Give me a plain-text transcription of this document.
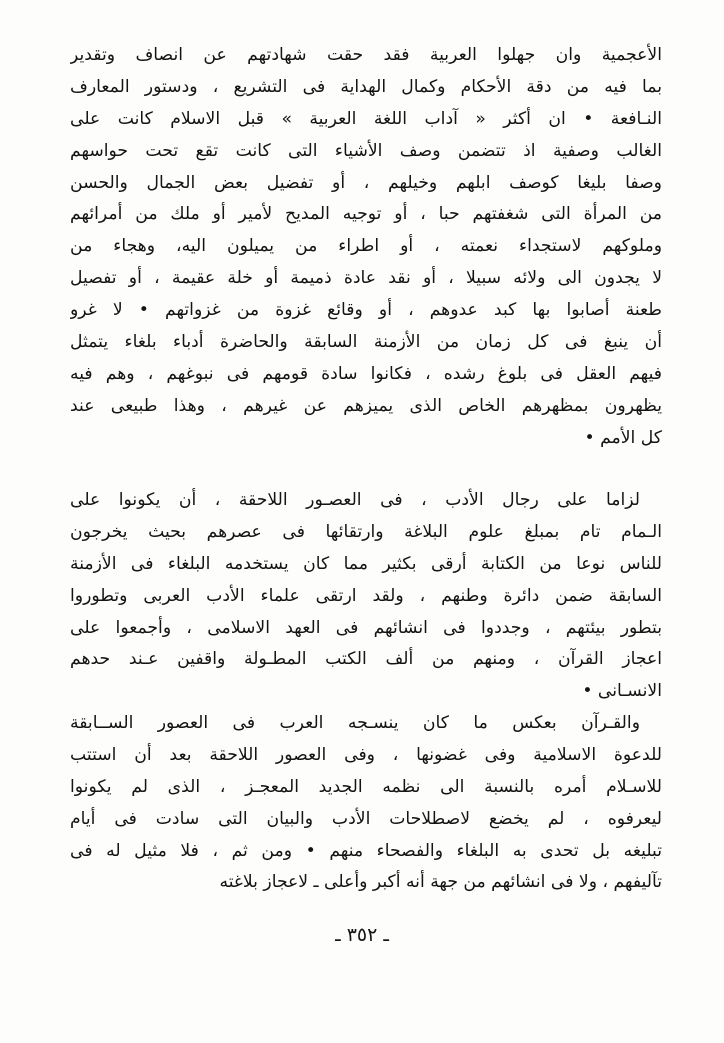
الأعجمية وان جهلوا العربية فقد حقت شهادتهم عن انصاف وتقدير
بما فيه من دقة الأحكام وكمال الهداية فى التشريع ، ودستور المعارف
النـافعة • ان أكثر « آداب اللغة العربية » قبل الاسلام كانت على
الغالب وصفية اذ تتضمن وصف الأشياء التى كانت تقع تحت حواسهم
وصفا بليغا كوصف ابلهم وخيلهم ، أو تفضيل بعض الجمال والحسن
من المرأة التى شغفتهم حبا ، أو توجيه المديح لأمير أو ملك من أمرائهم
وملوكهم لاستجداء نعمته ، أو اطراء من يميلون اليه، وهجاء من
لا يجدون الى ولائه سبيلا ، أو نقد عادة ذميمة أو خلة عقيمة ، أو تفصيل
طعنة أصابوا بها كبد عدوهم ، أو وقائع غزوة من غزواتهم • لا غرو
أن ينبغ فى كل زمان من الأزمنة السابقة والحاضرة أدباء بلغاء يتمثل
فيهم العقل فى بلوغ رشده ، فكانوا سادة قومهم فى نبوغهم ، وهم فيه
يظهرون بمظهرهم الخاص الذى يميزهم عن غيرهم ، وهذا طبيعى عند
كل الأمم •
لزاما على رجال الأدب ، فى العصـور اللاحقة ، أن يكونوا على
الـمام تام بمبلغ علوم البلاغة وارتقائها فى عصرهم بحيث يخرجون
للناس نوعا من الكتابة أرقى بكثير مما كان يستخدمه البلغاء فى الأزمنة
السابقة ضمن دائرة وطنهم ، ولقد ارتقى علماء الأدب العربى وتطوروا
بتطور بيئتهم ، وجددوا فى انشائهم فى العهد الاسلامى ، وأجمعوا على
اعجاز القرآن ، ومنهم من ألف الكتب المطـولة واقفين عـند حدهم
الانسـانى •
والقـرآن بعكس ما كان ينسـجه العرب فى العصور الســابقة
للدعوة الاسلامية وفى غضونها ، وفى العصور اللاحقة بعد أن استتب
للاسـلام أمره بالنسبة الى نظمه الجديد المعجـز ، الذى لم يكونوا
ليعرفوه ، لم يخضع لاصطلاحات الأدب والبيان التى سادت فى أيام
تبليغه بل تحدى به البلغاء والفصحاء منهم • ومن ثم ، فلا مثيل له فى
تآليفهم ، ولا فى انشائهم من جهة أنه أكبر وأعلى ـ لاعجاز بلاغته
ـ ٣٥٢ ـ
